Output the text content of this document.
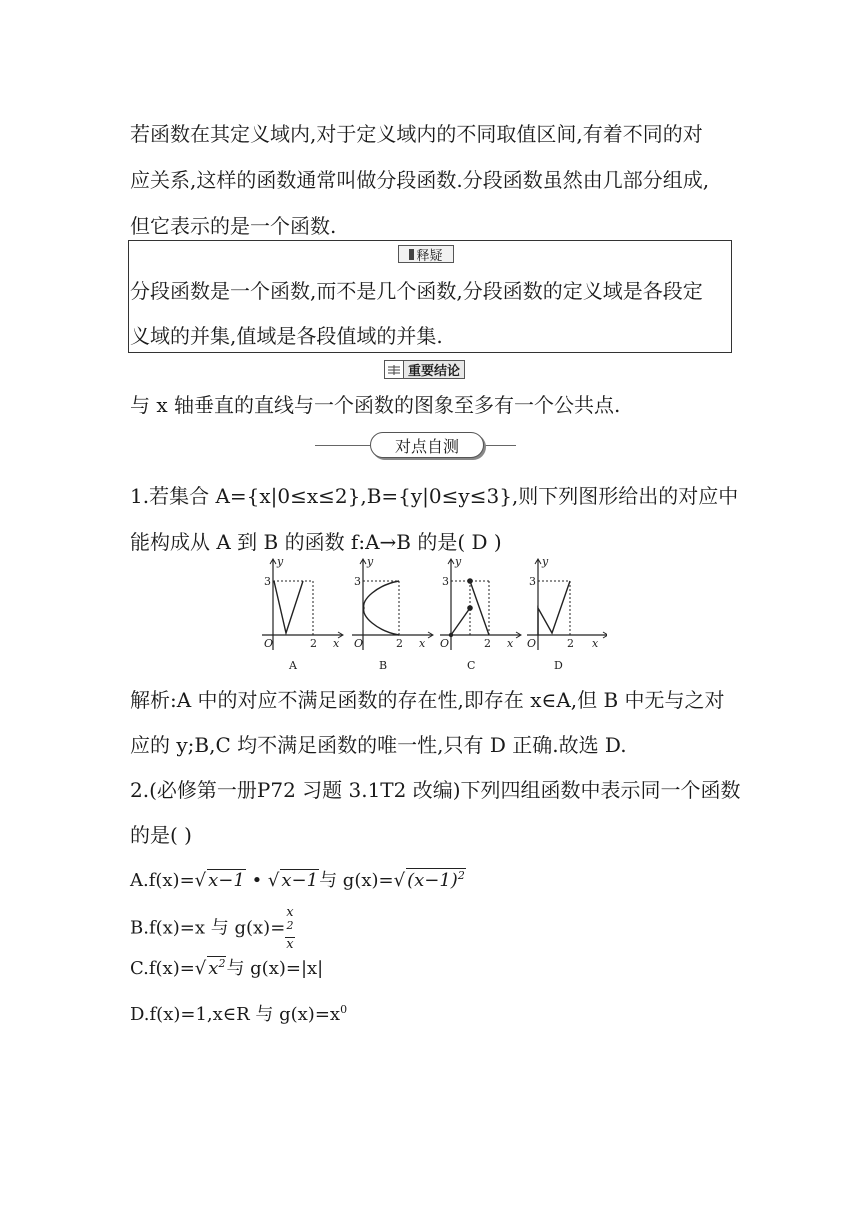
若函数在其定义域内,对于定义域内的不同取值区间,有着不同的对
应关系,这样的函数通常叫做分段函数.分段函数虽然由几部分组成,
但它表示的是一个函数.
释疑
分段函数是一个函数,而不是几个函数,分段函数的定义域是各段定
义域的并集,值域是各段值域的并集.
重要结论
与 x 轴垂直的直线与一个函数的图象至多有一个公共点.
对点自测
1.若集合 A={x|0≤x≤2},B={y|0≤y≤3},则下列图形给出的对应中
能构成从 A 到 B 的函数 f:A→B 的是( D )
3
y
O	2 x
A
3
y
O	2 x
B
3
y
O	2 x
C
3
y
O	2 x
D
解析:A 中的对应不满足函数的存在性,即存在 x∈A,但 B 中无与之对
应的 y;B,C 均不满足函数的唯一性,只有 D 正确.故选 D.
2.(必修第一册P72 习题 3.1T2 改编)下列四组函数中表示同一个函数
的是( )
A.f(x)=√ x−1 • √ x−1与 g(x)=√ $(x-1)^2$
B.f(x)=x 与 g(x)= x
$^2$
x
C.f(x)=√ $x^2$与 g(x)=|x|
D.f(x)=1,x∈R 与 $g(x)=x^0$
